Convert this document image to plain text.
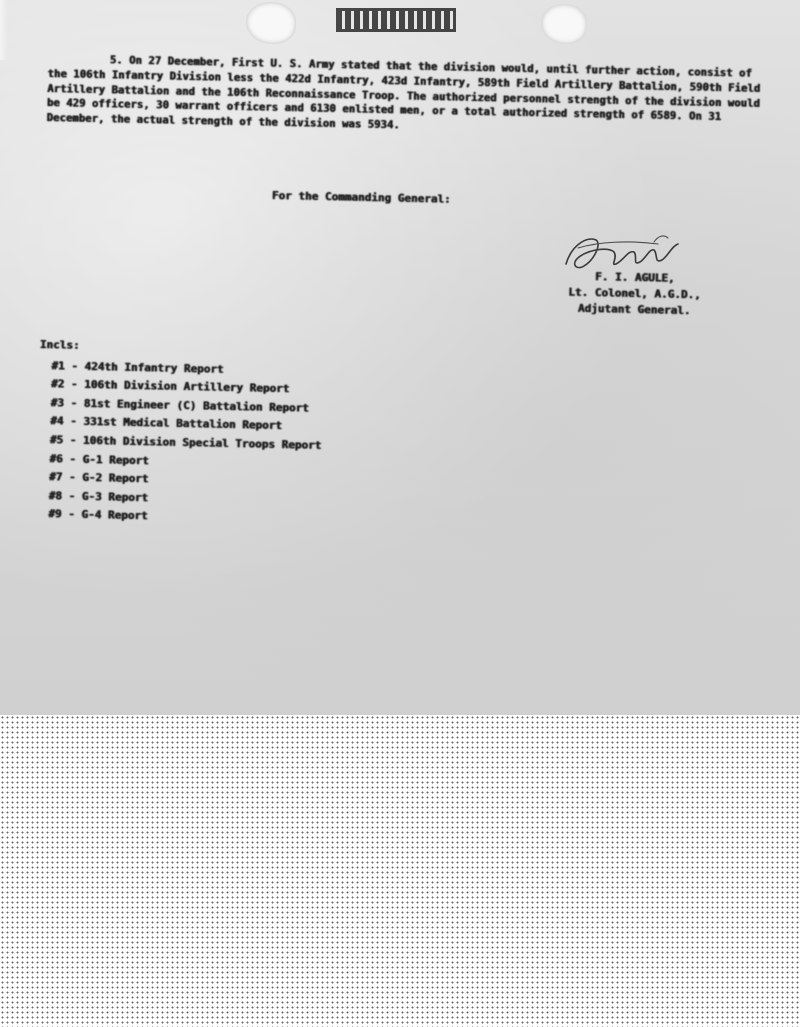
5. On 27 December, First U. S. Army stated that the division would, until further action, consist of the 106th Infantry Division less the 422d Infantry, 423d Infantry, 589th Field Artillery Battalion, 590th Field Artillery Battalion and the 106th Reconnaissance Troop. The authorized personnel strength of the division would be 429 officers, 30 warrant officers and 6130 enlisted men, or a total authorized strength of 6589. On 31 December, the actual strength of the division was 5934.

For the Commanding General:
F. I. AGULE,
Lt. Colonel, A.G.D.,
Adjutant General.
Incls:
#1 - 424th Infantry Report
#2 - 106th Division Artillery Report
#3 - 81st Engineer (C) Battalion Report
#4 - 331st Medical Battalion Report
#5 - 106th Division Special Troops Report
#6 - G-1 Report
#7 - G-2 Report
#8 - G-3 Report
#9 - G-4 Report
